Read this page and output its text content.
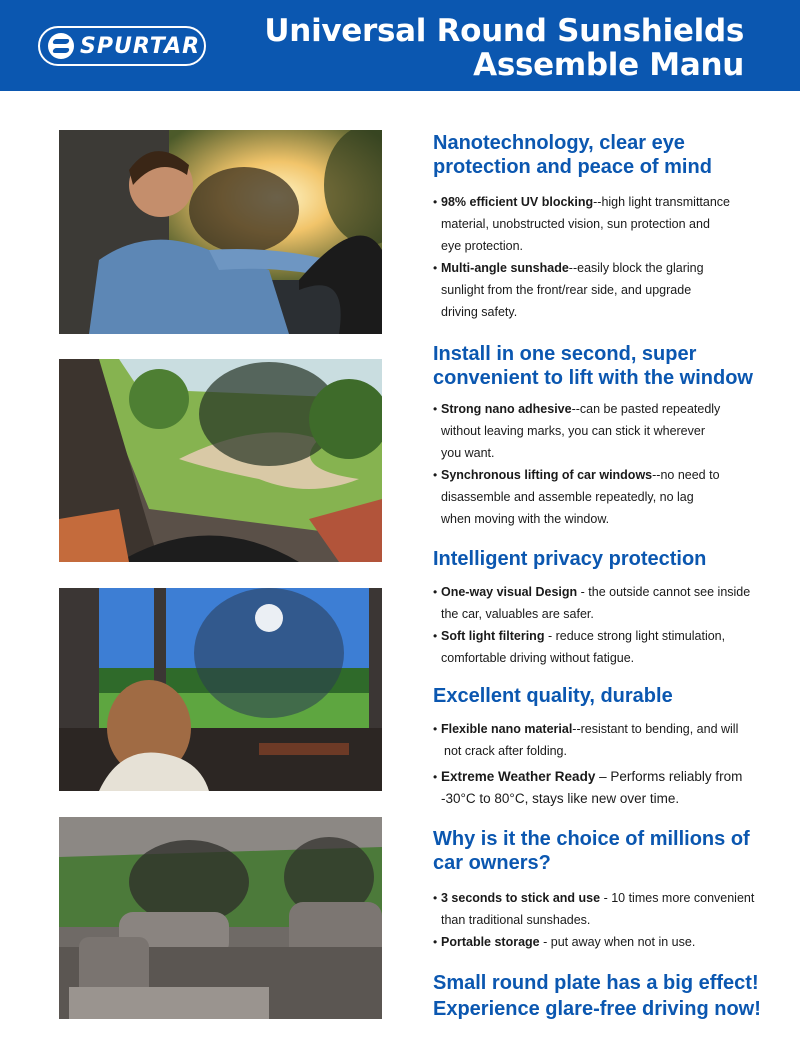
SPURTAR Universal Round Sunshields
Assemble Manu
Nanotechnology, clear eye
protection and peace of mind
• 98% efficient UV blocking--high light transmittance
material, unobstructed vision, sun protection and
eye protection.
• Multi-angle sunshade--easily block the glaring
sunlight from the front/rear side, and upgrade
driving safety.
Install in one second, super
convenient to lift with the window
• Strong nano adhesive--can be pasted repeatedly
without leaving marks, you can stick it wherever
you want.
• Synchronous lifting of car windows--no need to
disassemble and assemble repeatedly, no lag
when moving with the window.
Intelligent privacy protection
• One-way visual Design - the outside cannot see inside
the car, valuables are safer.
• Soft light filtering - reduce strong light stimulation,
comfortable driving without fatigue.
Excellent quality, durable
• Flexible nano material--resistant to bending, and will
not crack after folding.
• Extreme Weather Ready – Performs reliably from
-30°C to 80°C, stays like new over time.
Why is it the choice of millions of
car owners?
• 3 seconds to stick and use - 10 times more convenient
than traditional sunshades.
• Portable storage - put away when not in use.
Small round plate has a big effect!
Experience glare-free driving now!
